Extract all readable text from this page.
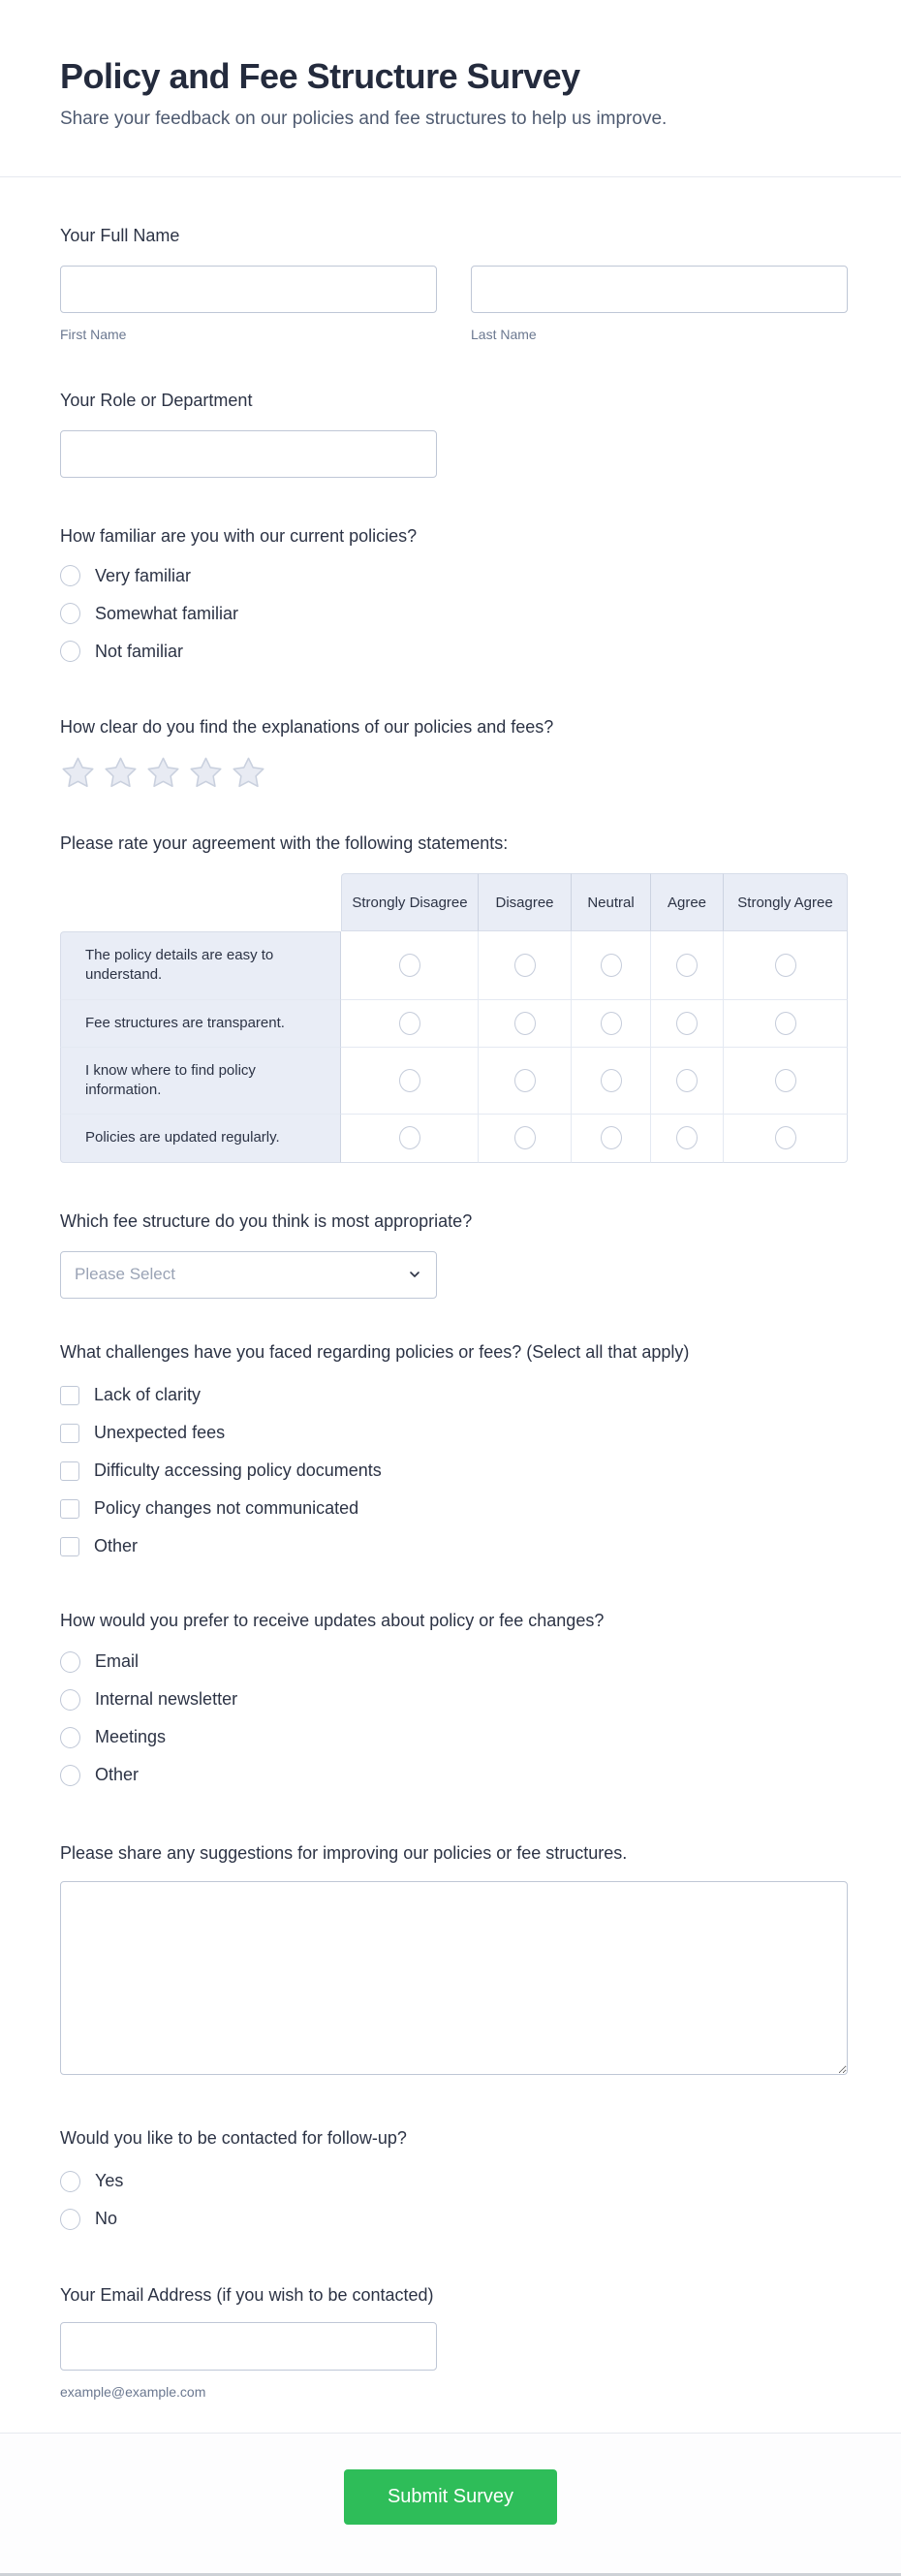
Policy and Fee Structure Survey
Share your feedback on our policies and fee structures to help us improve.
Your Full Name
First Name	Last Name
Your Role or Department
How familiar are you with our current policies?
Very familiar
Somewhat familiar
Not familiar
How clear do you find the explanations of our policies and fees?
Please rate your agreement with the following statements:
Strongly Disagree	Disagree	Neutral	Agree	Strongly Agree
The policy details are easy to understand.
Fee structures are transparent.
I know where to find policy information.
Policies are updated regularly.
Which fee structure do you think is most appropriate?
Please Select
What challenges have you faced regarding policies or fees? (Select all that apply)
Lack of clarity
Unexpected fees
Difficulty accessing policy documents
Policy changes not communicated
Other
How would you prefer to receive updates about policy or fee changes?
Email
Internal newsletter
Meetings
Other
Please share any suggestions for improving our policies or fee structures.
Would you like to be contacted for follow-up?
Yes
No
Your Email Address (if you wish to be contacted)
example@example.com
Submit Survey
